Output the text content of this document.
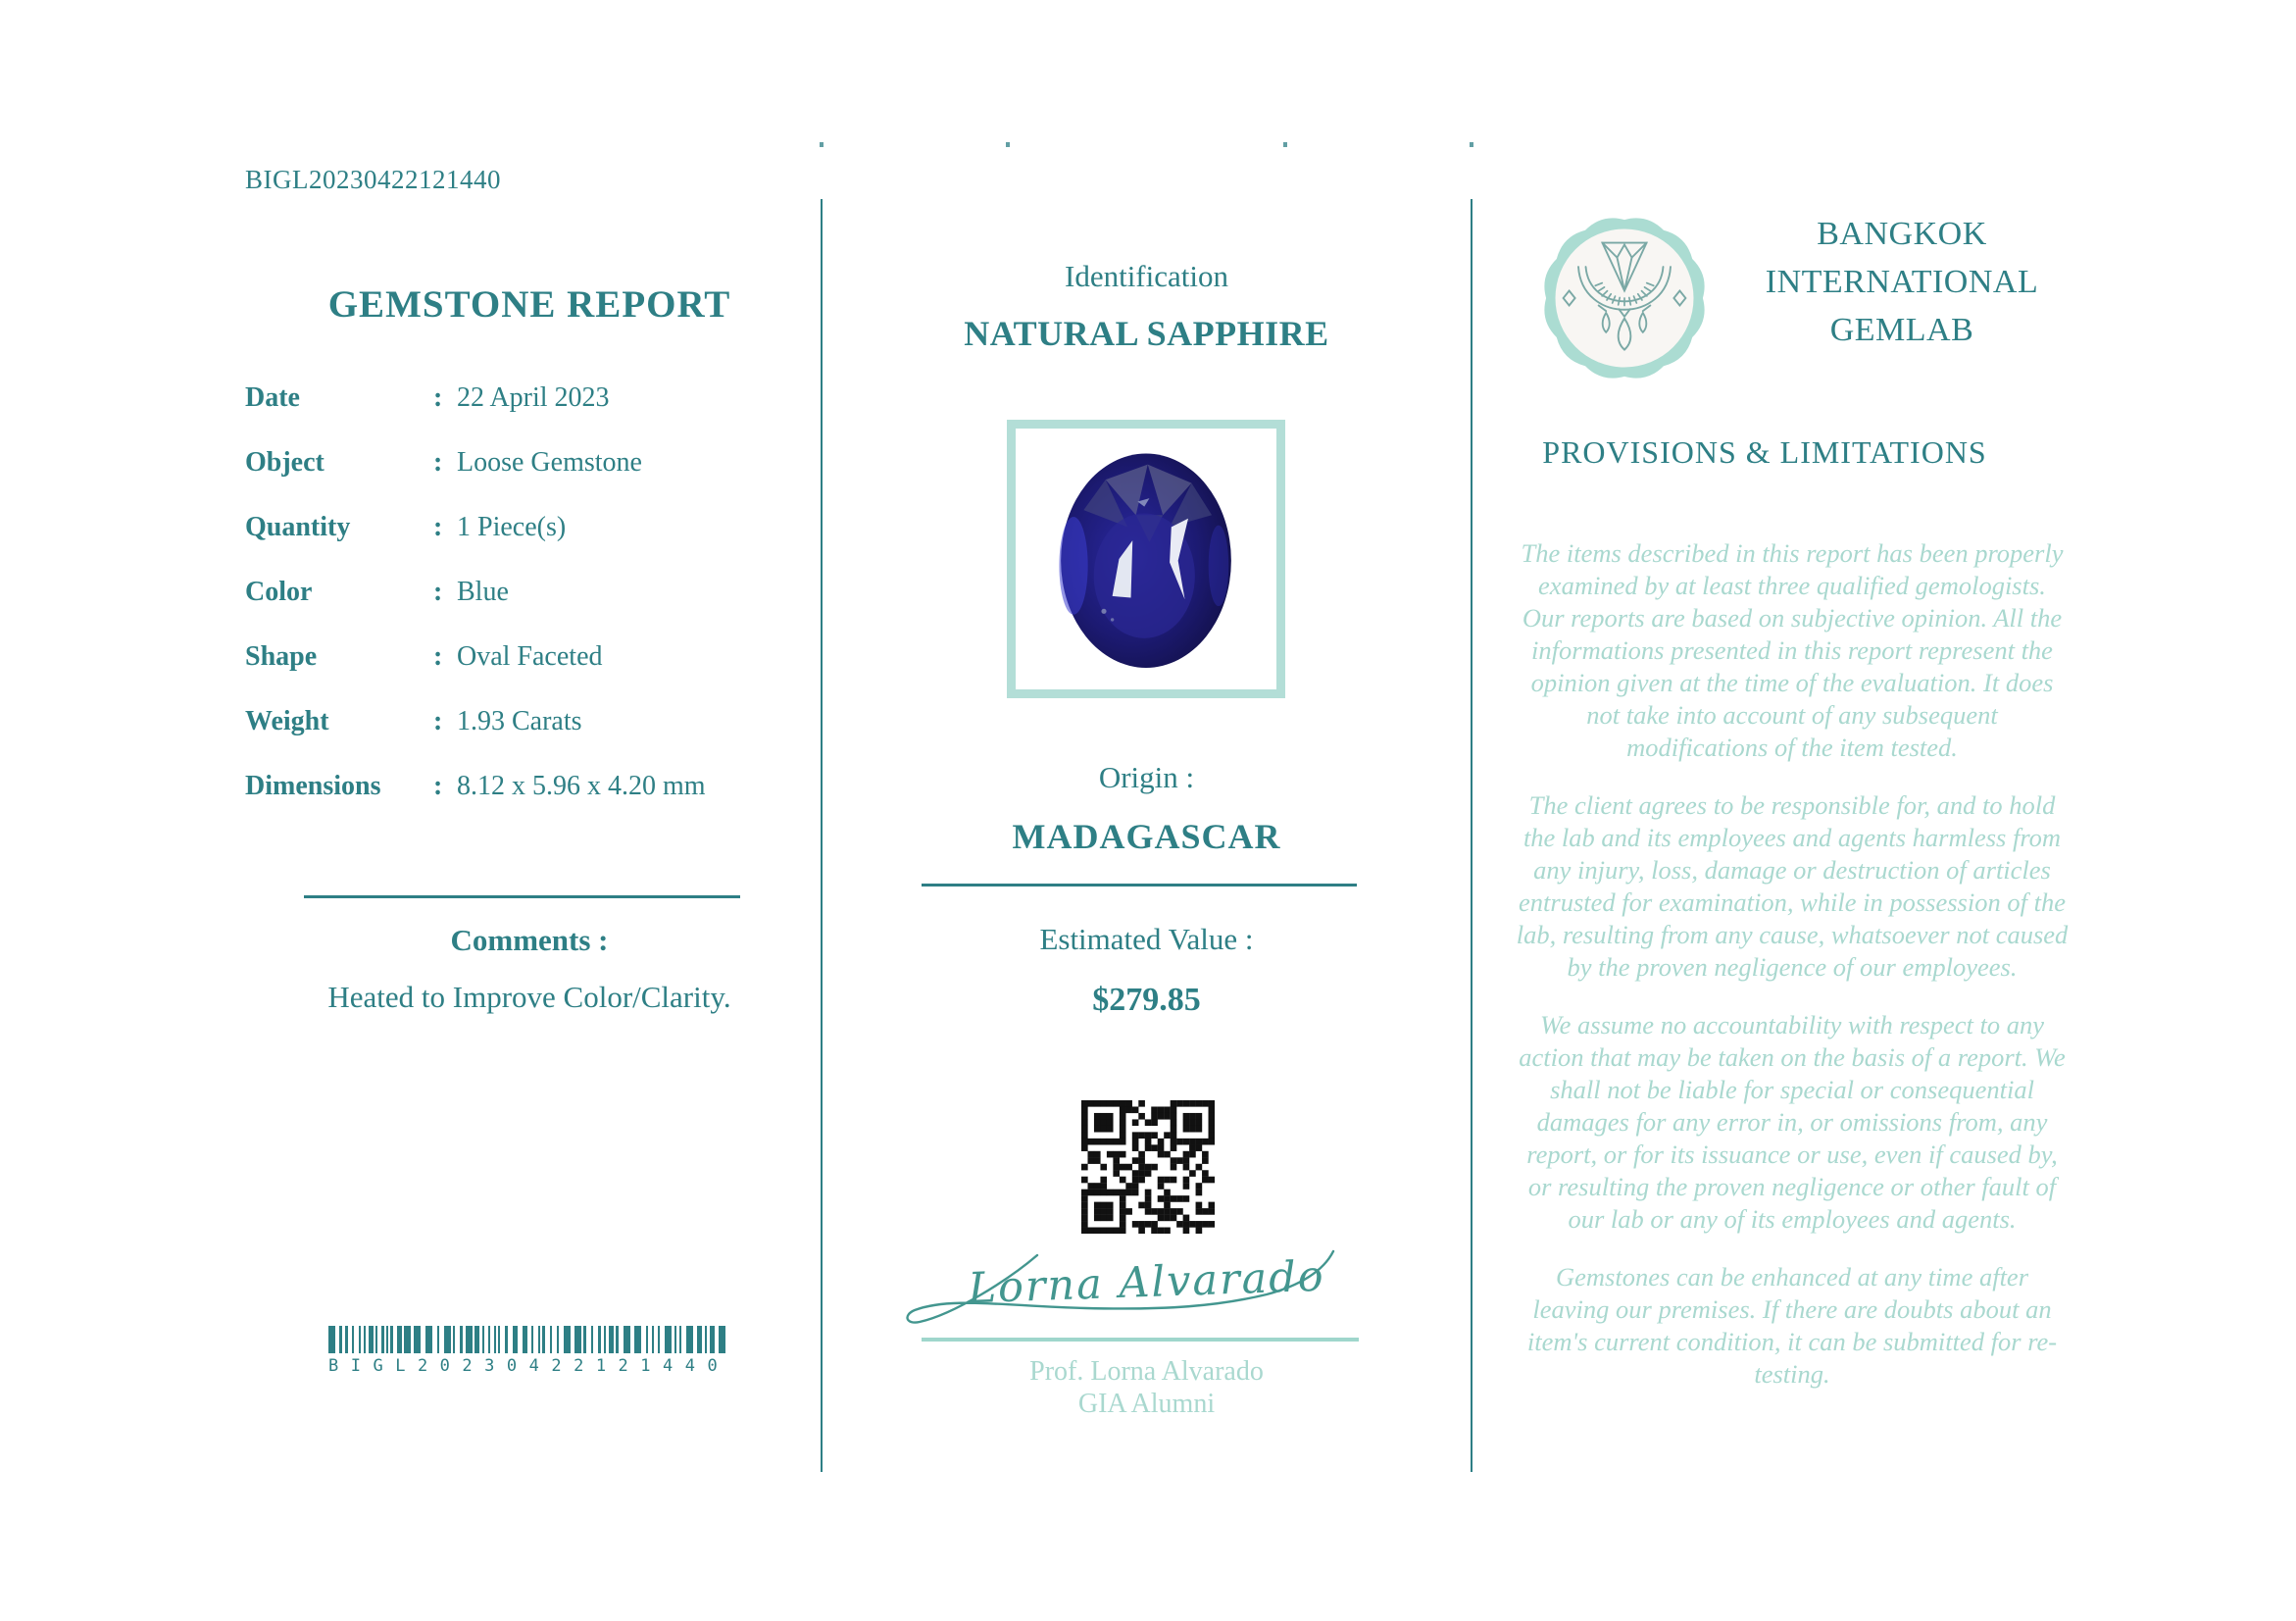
BIGL20230422121440
GEMSTONE REPORT
Date	: 22 April 2023
Object	: Loose Gemstone
Quantity	: 1 Piece(s)
Color	: Blue
Shape	: Oval Faceted
Weight	: 1.93 Carats
Dimensions	: 8.12 x 5.96 x 4.20 mm
Comments :
Heated to Improve Color/Clarity.
BIGL20230422121440
Identification
NATURAL SAPPHIRE
Origin :
MADAGASCAR
Estimated Value :
$279.85
Lorna Alvarado
Prof. Lorna Alvarado
GIA Alumni
BANGKOK
INTERNATIONAL
GEMLAB
PROVISIONS & LIMITATIONS

The items described in this report has been properly examined by at least three qualified gemologists. Our reports are based on subjective opinion. All the informations presented in this report represent the opinion given at the time of the evaluation. It does not take into account of any subsequent modifications of the item tested.

The client agrees to be responsible for, and to hold the lab and its employees and agents harmless from any injury, loss, damage or destruction of articles entrusted for examination, while in possession of the lab, resulting from any cause, whatsoever not caused by the proven negligence of our employees.

We assume no accountability with respect to any action that may be taken on the basis of a report. We shall not be liable for special or consequential damages for any error in, or omissions from, any report, or for its issuance or use, even if caused by, or resulting the proven negligence or other fault of our lab or any of its employees and agents.

Gemstones can be enhanced at any time after leaving our premises. If there are doubts about an item's current condition, it can be submitted for re-testing.
